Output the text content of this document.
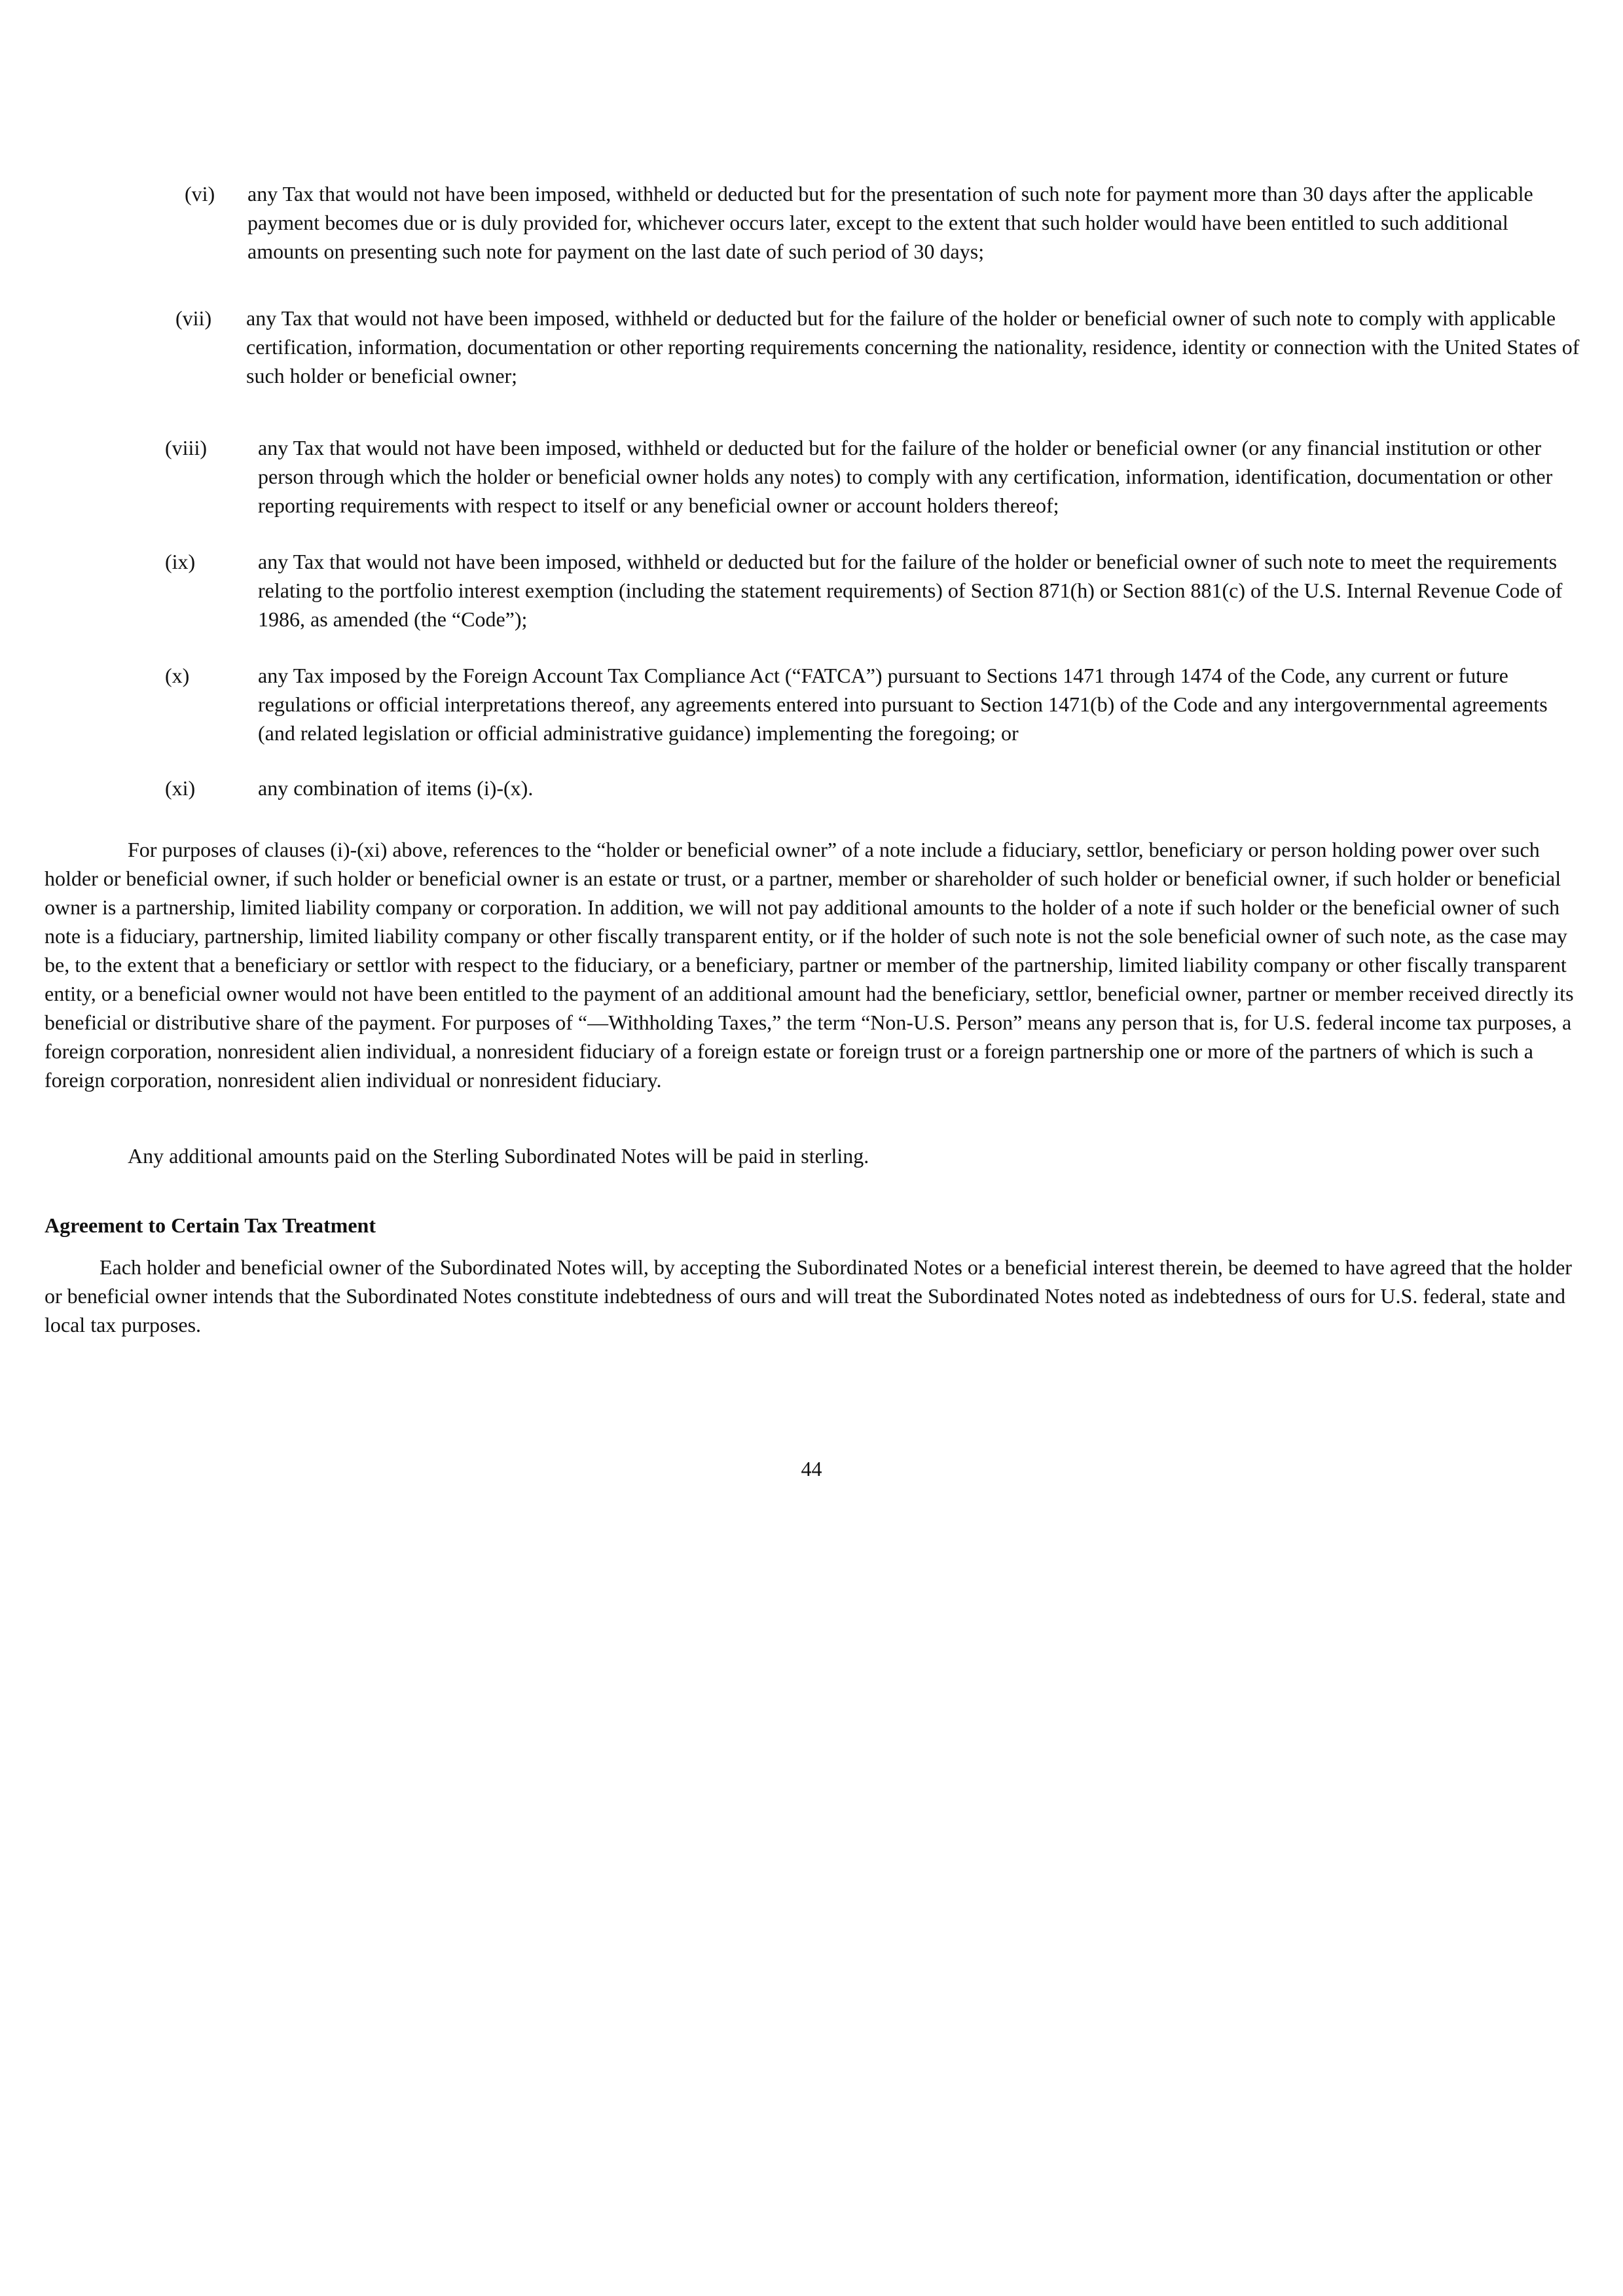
(vi) any Tax that would not have been imposed, withheld or deducted but for the presentation of such note for payment more than 30 days after the applicable payment becomes due or is duly provided for, whichever occurs later, except to the extent that such holder would have been entitled to such additional amounts on presenting such note for payment on the last date of such period of 30 days;
(vii) any Tax that would not have been imposed, withheld or deducted but for the failure of the holder or beneficial owner of such note to comply with applicable certification, information, documentation or other reporting requirements concerning the nationality, residence, identity or connection with the United States of such holder or beneficial owner;
(viii) any Tax that would not have been imposed, withheld or deducted but for the failure of the holder or beneficial owner (or any financial institution or other person through which the holder or beneficial owner holds any notes) to comply with any certification, information, identification, documentation or other reporting requirements with respect to itself or any beneficial owner or account holders thereof;
(ix)	any Tax that would not have been imposed, withheld or deducted but for the failure of the holder or beneficial owner of such note to meet the requirements relating to the portfolio interest exemption (including the statement requirements) of Section 871(h) or Section 881(c) of the U.S. Internal Revenue Code of 1986, as amended (the “Code”);
(x)	any Tax imposed by the Foreign Account Tax Compliance Act (“FATCA”) pursuant to Sections 1471 through 1474 of the Code, any current or future regulations or official interpretations thereof, any agreements entered into pursuant to Section 1471(b) of the Code and any intergovernmental agreements (and related legislation or official administrative guidance) implementing the foregoing; or
(xi)	any combination of items (i)-(x).

For purposes of clauses (i)-(xi) above, references to the “holder or beneficial owner” of a note include a fiduciary, settlor, beneficiary or person holding power over such holder or beneficial owner, if such holder or beneficial owner is an estate or trust, or a partner, member or shareholder of such holder or beneficial owner, if such holder or beneficial owner is a partnership, limited liability company or corporation. In addition, we will not pay additional amounts to the holder of a note if such holder or the beneficial owner of such note is a fiduciary, partnership, limited liability company or other fiscally transparent entity, or if the holder of such note is not the sole beneficial owner of such note, as the case may be, to the extent that a beneficiary or settlor with respect to the fiduciary, or a beneficiary, partner or member of the partnership, limited liability company or other fiscally transparent entity, or a beneficial owner would not have been entitled to the payment of an additional amount had the beneficiary, settlor, beneficial owner, partner or member received directly its beneficial or distributive share of the payment. For purposes of “—Withholding Taxes,” the term “Non-U.S. Person” means any person that is, for U.S. federal income tax purposes, a foreign corporation, nonresident alien individual, a nonresident fiduciary of a foreign estate or foreign trust or a foreign partnership one or more of the partners of which is such a foreign corporation, nonresident alien individual or nonresident fiduciary.

Any additional amounts paid on the Sterling Subordinated Notes will be paid in sterling.

Agreement to Certain Tax Treatment

Each holder and beneficial owner of the Subordinated Notes will, by accepting the Subordinated Notes or a beneficial interest therein, be deemed to have agreed that the holder or beneficial owner intends that the Subordinated Notes constitute indebtedness of ours and will treat the Subordinated Notes noted as indebtedness of ours for U.S. federal, state and local tax purposes.

44
